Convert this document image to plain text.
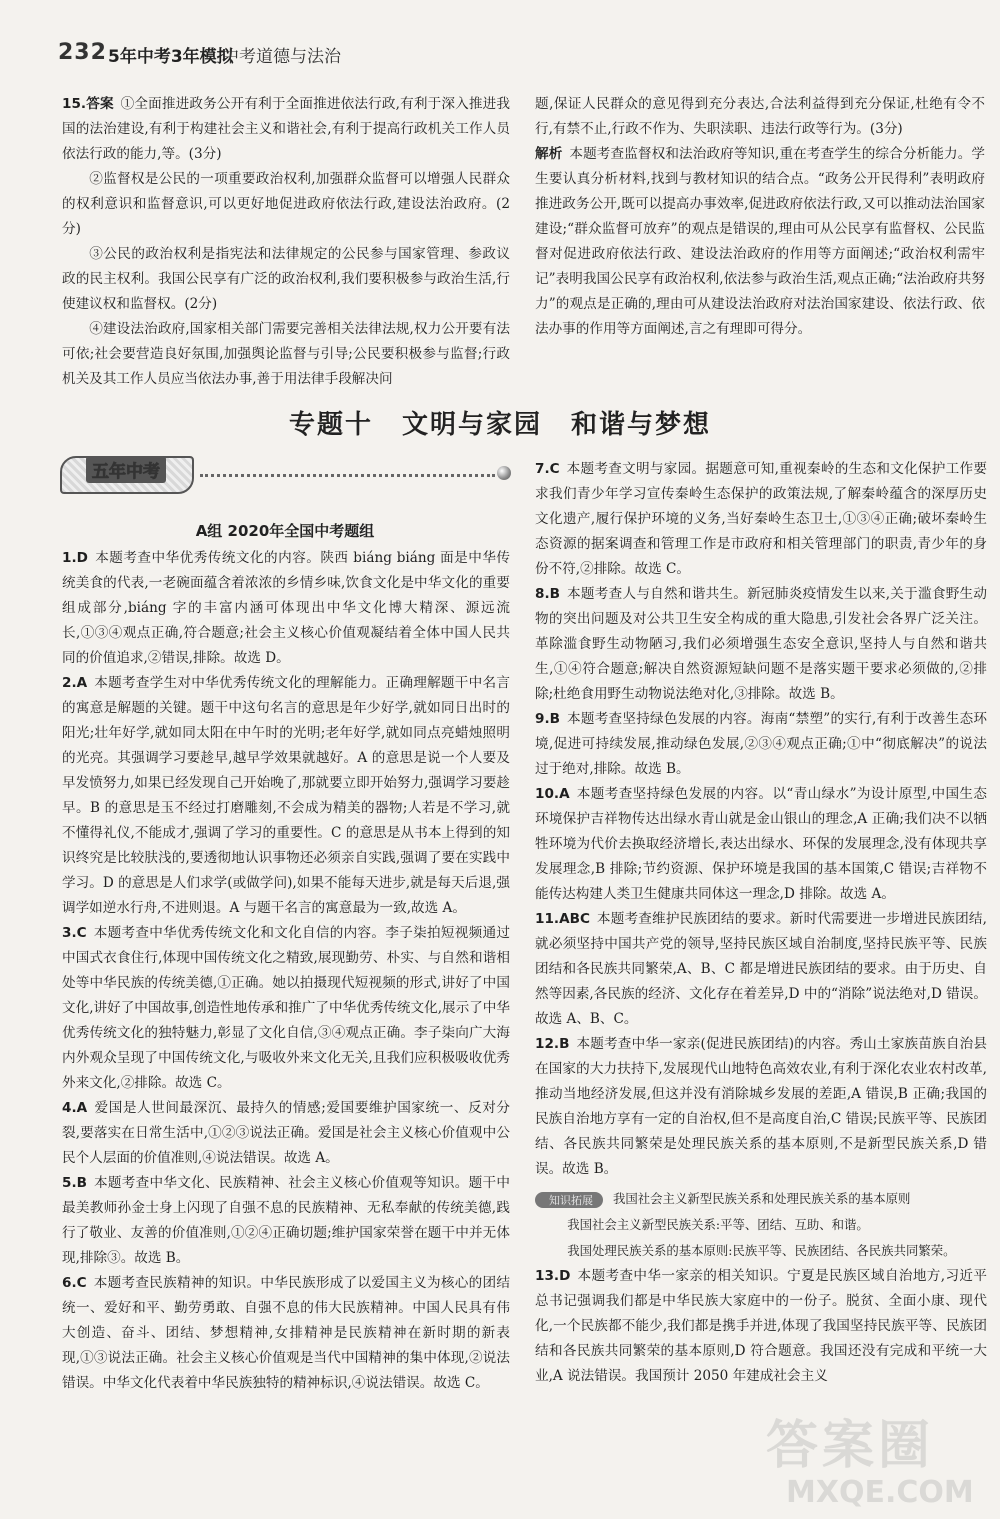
232 5年中考3年模拟
中考道德与法治

15.答案  ①全面推进政务公开有利于全面推进依法行政,有利于深入推进我国的法治建设,有利于构建社会主义和谐社会,有利于提高行政机关工作人员依法行政的能力,等。(3分)

②监督权是公民的一项重要政治权利,加强群众监督可以增强人民群众的权利意识和监督意识,可以更好地促进政府依法行政,建设法治政府。(2分)

③公民的政治权利是指宪法和法律规定的公民参与国家管理、参政议政的民主权利。我国公民享有广泛的政治权利,我们要积极参与政治生活,行使建议权和监督权。(2分)

④建设法治政府,国家相关部门需要完善相关法律法规,权力公开要有法可依;社会要营造良好氛围,加强舆论监督与引导;公民要积极参与监督;行政机关及其工作人员应当依法办事,善于用法律手段解决问

题,保证人民群众的意见得到充分表达,合法利益得到充分保证,杜绝有令不行,有禁不止,行政不作为、失职渎职、违法行政等行为。(3分)

解析  本题考查监督权和法治政府等知识,重在考查学生的综合分析能力。学生要认真分析材料,找到与教材知识的结合点。“政务公开民得利”表明政府推进政务公开,既可以提高办事效率,促进政府依法行政,又可以推动法治国家建设;“群众监督可放弃”的观点是错误的,理由可从公民享有监督权、公民监督对促进政府依法行政、建设法治政府的作用等方面阐述;“政治权利需牢记”表明我国公民享有政治权利,依法参与政治生活,观点正确;“法治政府共努力”的观点是正确的,理由可从建设法治政府对法治国家建设、依法行政、依法办事的作用等方面阐述,言之有理即可得分。

专题十 文明与家园 和谐与梦想
五年中考
A组 2020年全国中考题组

1.D  本题考查中华优秀传统文化的内容。陕西 biáng biáng 面是中华传统美食的代表,一老碗面蕴含着浓浓的乡情乡味,饮食文化是中华文化的重要组成部分,biáng 字的丰富内涵可体现出中华文化博大精深、源远流长,①③④观点正确,符合题意;社会主义核心价值观凝结着全体中国人民共同的价值追求,②错误,排除。故选 D。

2.A  本题考查学生对中华优秀传统文化的理解能力。正确理解题干中名言的寓意是解题的关键。题干中这句名言的意思是年少好学,就如同日出时的阳光;壮年好学,就如同太阳在中午时的光明;老年好学,就如同点亮蜡烛照明的光亮。其强调学习要趁早,越早学效果就越好。A 的意思是说一个人要及早发愤努力,如果已经发现自己开始晚了,那就要立即开始努力,强调学习要趁早。B 的意思是玉不经过打磨雕刻,不会成为精美的器物;人若是不学习,就不懂得礼仪,不能成才,强调了学习的重要性。C 的意思是从书本上得到的知识终究是比较肤浅的,要透彻地认识事物还必须亲自实践,强调了要在实践中学习。D 的意思是人们求学(或做学问),如果不能每天进步,就是每天后退,强调学如逆水行舟,不进则退。A 与题干名言的寓意最为一致,故选 A。

3.C  本题考查中华优秀传统文化和文化自信的内容。李子柒拍短视频通过中国式衣食住行,体现中国传统文化之精致,展现勤劳、朴实、与自然和谐相处等中华民族的传统美德,①正确。她以拍摄现代短视频的形式,讲好了中国文化,讲好了中国故事,创造性地传承和推广了中华优秀传统文化,展示了中华优秀传统文化的独特魅力,彰显了文化自信,③④观点正确。李子柒向广大海内外观众呈现了中国传统文化,与吸收外来文化无关,且我们应积极吸收优秀外来文化,②排除。故选 C。

4.A  爱国是人世间最深沉、最持久的情感;爱国要维护国家统一、反对分裂,要落实在日常生活中,①②③说法正确。爱国是社会主义核心价值观中公民个人层面的价值准则,④说法错误。故选 A。

5.B  本题考查中华文化、民族精神、社会主义核心价值观等知识。题干中最美教师孙金士身上闪现了自强不息的民族精神、无私奉献的传统美德,践行了敬业、友善的价值准则,①②④正确切题;维护国家荣誉在题干中并无体现,排除③。故选 B。

6.C  本题考查民族精神的知识。中华民族形成了以爱国主义为核心的团结统一、爱好和平、勤劳勇敢、自强不息的伟大民族精神。中国人民具有伟大创造、奋斗、团结、梦想精神,女排精神是民族精神在新时期的新表现,①③说法正确。社会主义核心价值观是当代中国精神的集中体现,②说法错误。中华文化代表着中华民族独特的精神标识,④说法错误。故选 C。

7.C  本题考查文明与家园。据题意可知,重视秦岭的生态和文化保护工作要求我们青少年学习宣传秦岭生态保护的政策法规,了解秦岭蕴含的深厚历史文化遗产,履行保护环境的义务,当好秦岭生态卫士,①③④正确;破坏秦岭生态资源的据案调查和管理工作是市政府和相关管理部门的职责,青少年的身份不符,②排除。故选 C。

8.B  本题考查人与自然和谐共生。新冠肺炎疫情发生以来,关于滥食野生动物的突出问题及对公共卫生安全构成的重大隐患,引发社会各界广泛关注。革除滥食野生动物陋习,我们必须增强生态安全意识,坚持人与自然和谐共生,①④符合题意;解决自然资源短缺问题不是落实题干要求必须做的,②排除;杜绝食用野生动物说法绝对化,③排除。故选 B。

9.B  本题考查坚持绿色发展的内容。海南“禁塑”的实行,有利于改善生态环境,促进可持续发展,推动绿色发展,②③④观点正确;①中“彻底解决”的说法过于绝对,排除。故选 B。

10.A  本题考查坚持绿色发展的内容。以“青山绿水”为设计原型,中国生态环境保护吉祥物传达出绿水青山就是金山银山的理念,A 正确;我们决不以牺牲环境为代价去换取经济增长,表达出绿水、环保的发展理念,没有体现共享发展理念,B 排除;节约资源、保护环境是我国的基本国策,C 错误;吉祥物不能传达构建人类卫生健康共同体这一理念,D 排除。故选 A。

11.ABC  本题考查维护民族团结的要求。新时代需要进一步增进民族团结,就必须坚持中国共产党的领导,坚持民族区域自治制度,坚持民族平等、民族团结和各民族共同繁荣,A、B、C 都是增进民族团结的要求。由于历史、自然等因素,各民族的经济、文化存在着差异,D 中的“消除”说法绝对,D 错误。故选 A、B、C。

12.B  本题考查中华一家亲(促进民族团结)的内容。秀山土家族苗族自治县在国家的大力扶持下,发展现代山地特色高效农业,有利于深化农业农村改革,推动当地经济发展,但这并没有消除城乡发展的差距,A 错误,B 正确;我国的民族自治地方享有一定的自治权,但不是高度自治,C 错误;民族平等、民族团结、各民族共同繁荣是处理民族关系的基本原则,不是新型民族关系,D 错误。故选 B。

知识拓展 我国社会主义新型民族关系和处理民族关系的基本原则

我国社会主义新型民族关系:平等、团结、互助、和谐。

我国处理民族关系的基本原则:民族平等、民族团结、各民族共同繁荣。

13.D  本题考查中华一家亲的相关知识。宁夏是民族区域自治地方,习近平总书记强调我们都是中华民族大家庭中的一份子。脱贫、全面小康、现代化,一个民族都不能少,我们都是携手并进,体现了我国坚持民族平等、民族团结和各民族共同繁荣的基本原则,D 符合题意。我国还没有完成和平统一大业,A 说法错误。我国预计 2050 年建成社会主义

答案圈
MXQE.COM
